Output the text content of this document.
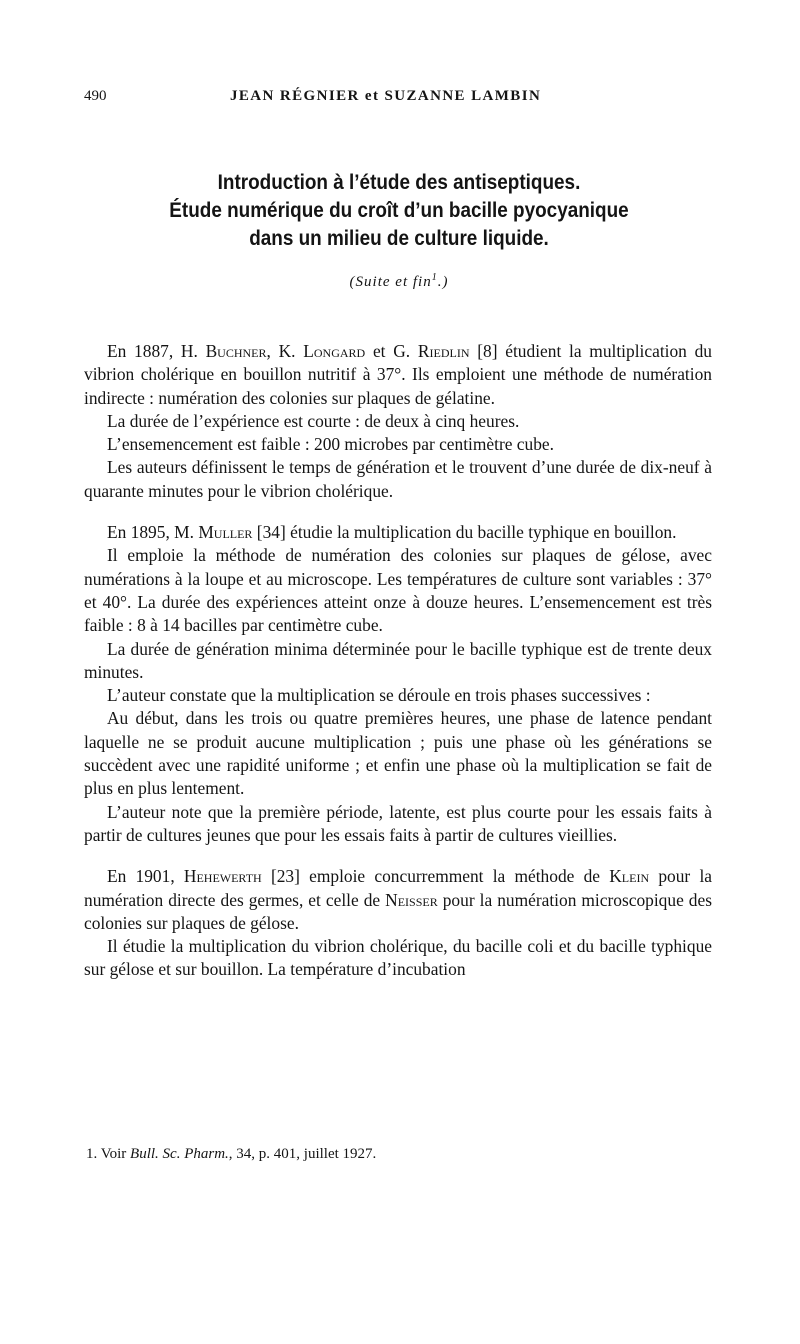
490	JEAN RÉGNIER et SUZANNE LAMBIN
Introduction à l’étude des antiseptiques.
Étude numérique du croît d’un bacille pyocyanique
dans un milieu de culture liquide.
(Suite et fin$^1$.)

En 1887, H. Buchner, K. Longard et G. Riedlin [8] étudient la multiplication du vibrion cholérique en bouillon nutritif à 37°. Ils emploient une méthode de numération indirecte : numération des colonies sur plaques de gélatine.

La durée de l’expérience est courte : de deux à cinq heures.

L’ensemencement est faible : 200 microbes par centimètre cube.

Les auteurs définissent le temps de génération et le trouvent d’une durée de dix-neuf à quarante minutes pour le vibrion cholérique.

En 1895, M. Muller [34] étudie la multiplication du bacille typhique en bouillon.

Il emploie la méthode de numération des colonies sur plaques de gélose, avec numérations à la loupe et au microscope. Les températures de culture sont variables : 37° et 40°. La durée des expériences atteint onze à douze heures. L’ensemencement est très faible : 8 à 14 bacilles par centimètre cube.

La durée de génération minima déterminée pour le bacille typhique est de trente deux minutes.

L’auteur constate que la multiplication se déroule en trois phases successives :

Au début, dans les trois ou quatre premières heures, une phase de latence pendant laquelle ne se produit aucune multiplication ; puis une phase où les générations se succèdent avec une rapidité uniforme ; et enfin une phase où la multiplication se fait de plus en plus lentement.

L’auteur note que la première période, latente, est plus courte pour les essais faits à partir de cultures jeunes que pour les essais faits à partir de cultures vieillies.

En 1901, Hehewerth [23] emploie concurremment la méthode de Klein pour la numération directe des germes, et celle de Neisser pour la numération microscopique des colonies sur plaques de gélose.

Il étudie la multiplication du vibrion cholérique, du bacille coli et du bacille typhique sur gélose et sur bouillon. La température d’incubation

1. Voir Bull. Sc. Pharm., 34, p. 401, juillet 1927.
